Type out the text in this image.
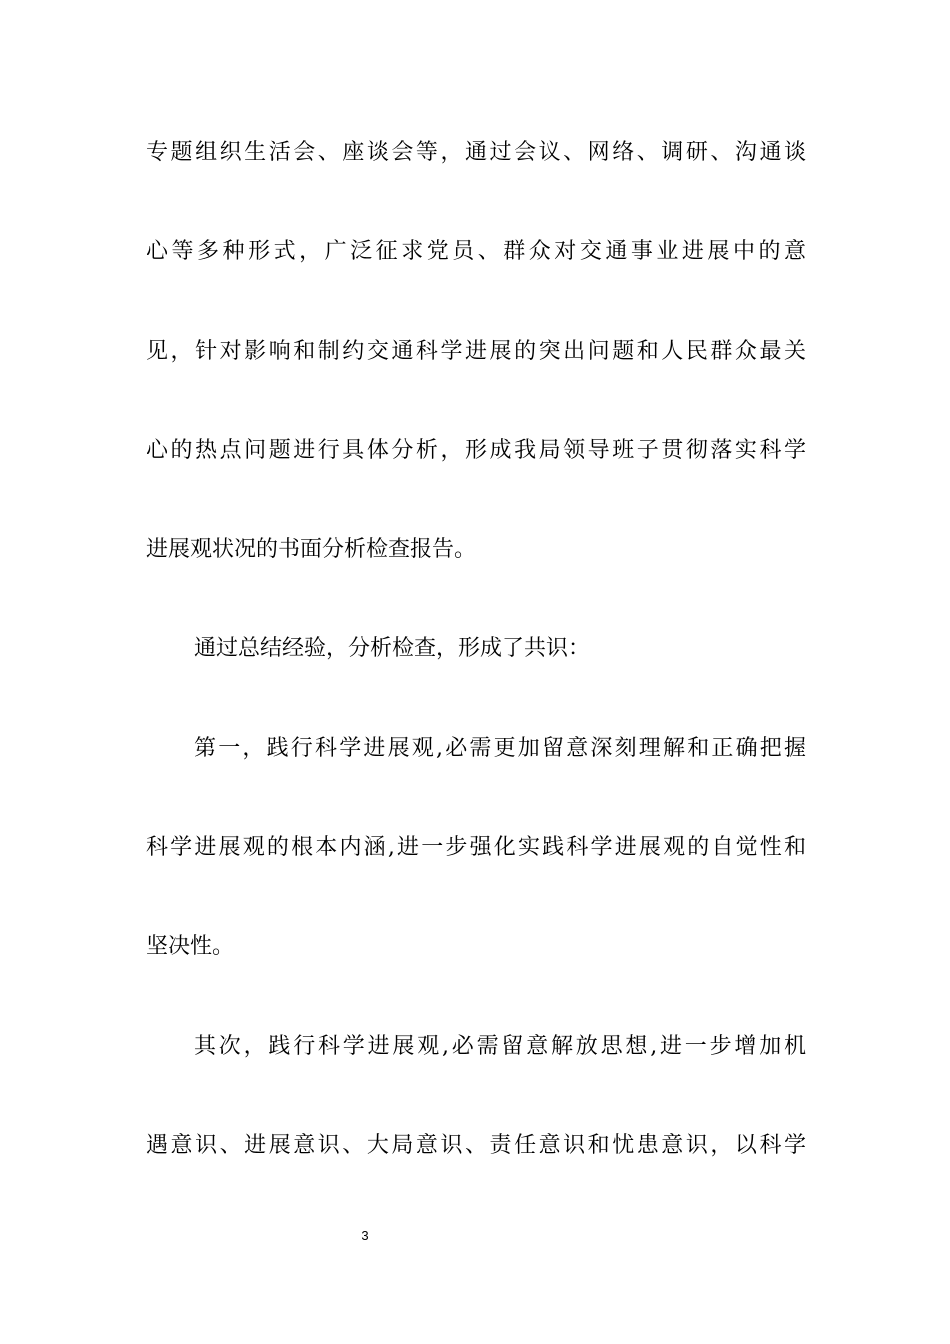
专题组织生活会、座谈会等，通过会议、网络、调研、沟通谈
心等多种形式，广泛征求党员、群众对交通事业进展中的意
见，针对影响和制约交通科学进展的突出问题和人民群众最关
心的热点问题进行具体分析，形成我局领导班子贯彻落实科学
进展观状况的书面分析检查报告。
通过总结经验，分析检查，形成了共识：
第一，践行科学进展观,必需更加留意深刻理解和正确把握
科学进展观的根本内涵,进一步强化实践科学进展观的自觉性和
坚决性。
其次，践行科学进展观,必需留意解放思想,进一步增加机
遇意识、进展意识、大局意识、责任意识和忧患意识，以科学
3
